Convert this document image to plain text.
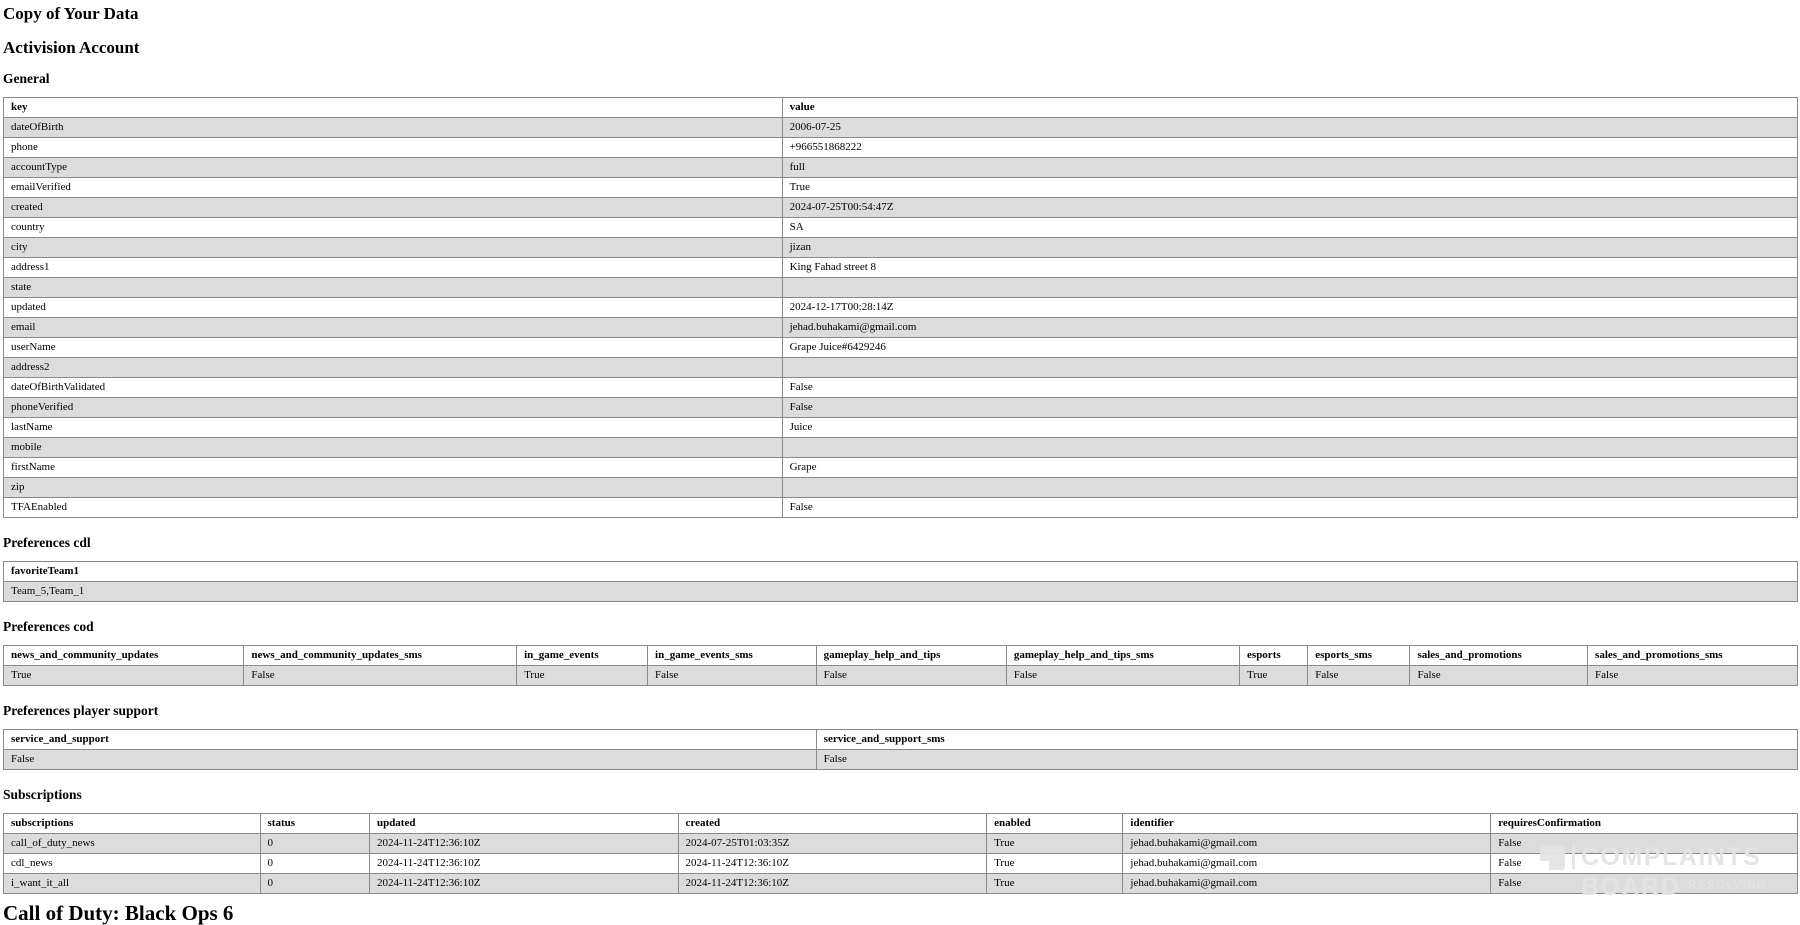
Copy of Your Data
Activision Account
General
key	value
dateOfBirth	2006-07-25
phone	+966551868222
accountType	full
emailVerified	True
created	2024-07-25T00:54:47Z
country	SA
city	jizan
address1	King Fahad street 8
state	
updated	2024-12-17T00:28:14Z
email	jehad.buhakami@gmail.com
userName	Grape Juice#6429246
address2	
dateOfBirthValidated	False
phoneVerified	False
lastName	Juice
mobile	
firstName	Grape
zip	
TFAEnabled	False
Preferences cdl
favoriteTeam1
Team_5,Team_1
Preferences cod
news_and_community_updates	news_and_community_updates_sms	in_game_events	in_game_events_sms	gameplay_help_and_tips	gameplay_help_and_tips_sms	esports	esports_sms	sales_and_promotions	sales_and_promotions_sms
True	False	True	False	False	False	True	False	False	False
Preferences player support
service_and_support	service_and_support_sms
False	False
Subscriptions
subscriptions	status	updated	created	enabled	identifier	requiresConfirmation
call_of_duty_news	0	2024-11-24T12:36:10Z	2024-07-25T01:03:35Z	True	jehad.buhakami@gmail.com	False
cdl_news	0	2024-11-24T12:36:10Z	2024-11-24T12:36:10Z	True	jehad.buhakami@gmail.com	False
i_want_it_all	0	2024-11-24T12:36:10Z	2024-11-24T12:36:10Z	True	jehad.buhakami@gmail.com	False
Call of Duty: Black Ops 6
COMPLAINTS
BOARD RESOLVING
